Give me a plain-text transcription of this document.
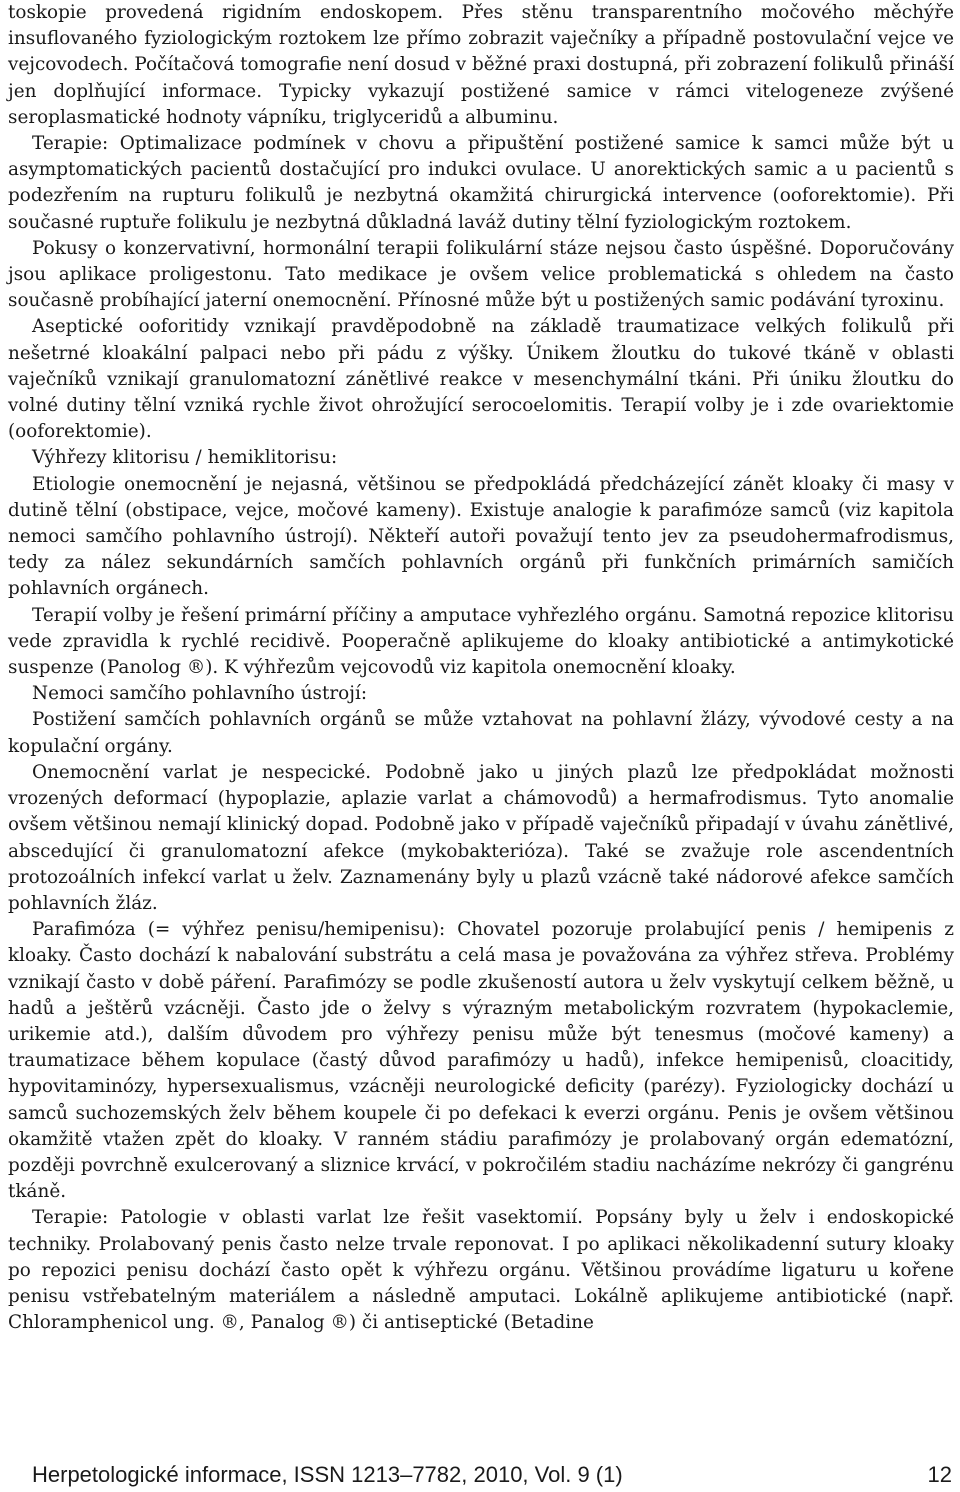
toskopie provedená rigidním endoskopem. Přes stěnu transparentního močového měchýře insuflovaného fyziologickým roztokem lze přímo zobrazit vaječníky a případně postovulační vejce ve vejcovodech. Počítačová tomografie není dosud v běžné praxi dostupná, při zobrazení folikulů přináší jen doplňující informace. Typicky vykazují postižené samice v rámci vitelogeneze zvýšené seroplasmatické hodnoty vápníku, triglyceridů a albuminu.

Terapie: Optimalizace podmínek v chovu a připuštění postižené samice k samci může být u asymptomatických pacientů dostačující pro indukci ovulace. U anorektických samic a u pacientů s podezřením na rupturu folikulů je nezbytná okamžitá chirurgická intervence (ooforektomie). Při současné ruptuře folikulu je nezbytná důkladná laváž dutiny tělní fyziologickým roztokem.

Pokusy o konzervativní, hormonální terapii folikulární stáze nejsou často úspěšné. Doporučovány jsou aplikace proligestonu. Tato medikace je ovšem velice problematická s ohledem na často současně probíhající jaterní onemocnění. Přínosné může být u postižených samic podávání tyroxinu.

Aseptické ooforitidy vznikají pravděpodobně na základě traumatizace velkých folikulů při nešetrné kloakální palpaci nebo při pádu z výšky. Únikem žloutku do tukové tkáně v oblasti vaječníků vznikají granulomatozní zánětlivé reakce v mesenchymální tkáni. Při úniku žloutku do volné dutiny tělní vzniká rychle život ohrožující serocoelomitis. Terapií volby je i zde ovariektomie (ooforektomie).

Výhřezy klitorisu / hemiklitorisu:

Etiologie onemocnění je nejasná, většinou se předpokládá předcházející zánět kloaky či masy v dutině tělní (obstipace, vejce, močové kameny). Existuje analogie k parafimóze samců (viz kapitola nemoci samčího pohlavního ústrojí). Někteří autoři považují tento jev za pseudohermafrodismus, tedy za nález sekundárních samčích pohlavních orgánů při funkčních primárních samičích pohlavních orgánech.

Terapií volby je řešení primární příčiny a amputace vyhřezlého orgánu. Samotná repozice klitorisu vede zpravidla k rychlé recidivě. Pooperačně aplikujeme do kloaky antibiotické a antimykotické suspenze (Panolog ®). K výhřezům vejcovodů viz kapitola onemocnění kloaky.

Nemoci samčího pohlavního ústrojí:

Postižení samčích pohlavních orgánů se může vztahovat na pohlavní žlázy, vývodové cesty a na kopulační orgány.

Onemocnění varlat je nespecické. Podobně jako u jiných plazů lze předpokládat možnosti vrozených deformací (hypoplazie, aplazie varlat a chámovodů) a hermafrodismus. Tyto anomalie ovšem většinou nemají klinický dopad. Podobně jako v případě vaječníků připadají v úvahu zánětlivé, abscedující či granulomatozní afekce (mykobakterióza). Také se zvažuje role ascendentních protozoálních infekcí varlat u želv. Zaznamenány byly u plazů vzácně také nádorové afekce samčích pohlavních žláz.

Parafimóza (= výhřez penisu/hemipenisu): Chovatel pozoruje prolabující penis / hemipenis z kloaky. Často dochází k nabalování substrátu a celá masa je považována za výhřez střeva. Problémy vznikají často v době páření. Parafimózy se podle zkušeností autora u želv vyskytují celkem běžně, u hadů a ještěrů vzácněji. Často jde o želvy s výrazným metabolickým rozvratem (hypokaclemie, urikemie atd.), dalším důvodem pro výhřezy penisu může být tenesmus (močové kameny) a traumatizace během kopulace (častý důvod parafimózy u hadů), infekce hemipenisů, cloacitidy, hypovitaminózy, hypersexualismus, vzácněji neurologické deficity (parézy). Fyziologicky dochází u samců suchozemských želv během koupele či po defekaci k everzi orgánu. Penis je ovšem většinou okamžitě vtažen zpět do kloaky. V ranném stádiu parafimózy je prolabovaný orgán edematózní, později povrchně exulcerovaný a sliznice krvácí, v pokročilém stadiu nacházíme nekrózy či gangrénu tkáně.

Terapie: Patologie v oblasti varlat lze řešit vasektomií. Popsány byly u želv i endoskopické techniky. Prolabovaný penis často nelze trvale reponovat. I po aplikaci několikadenní sutury kloaky po repozici penisu dochází často opět k výhřezu orgánu. Většinou provádíme ligaturu u kořene penisu vstřebatelným materiálem a následně amputaci. Lokálně aplikujeme antibiotické (např. Chloramphenicol ung. ®, Panalog ®) či antiseptické (Betadine

Herpetologické informace, ISSN 1213–7782, 2010, Vol. 9 (1)	12
